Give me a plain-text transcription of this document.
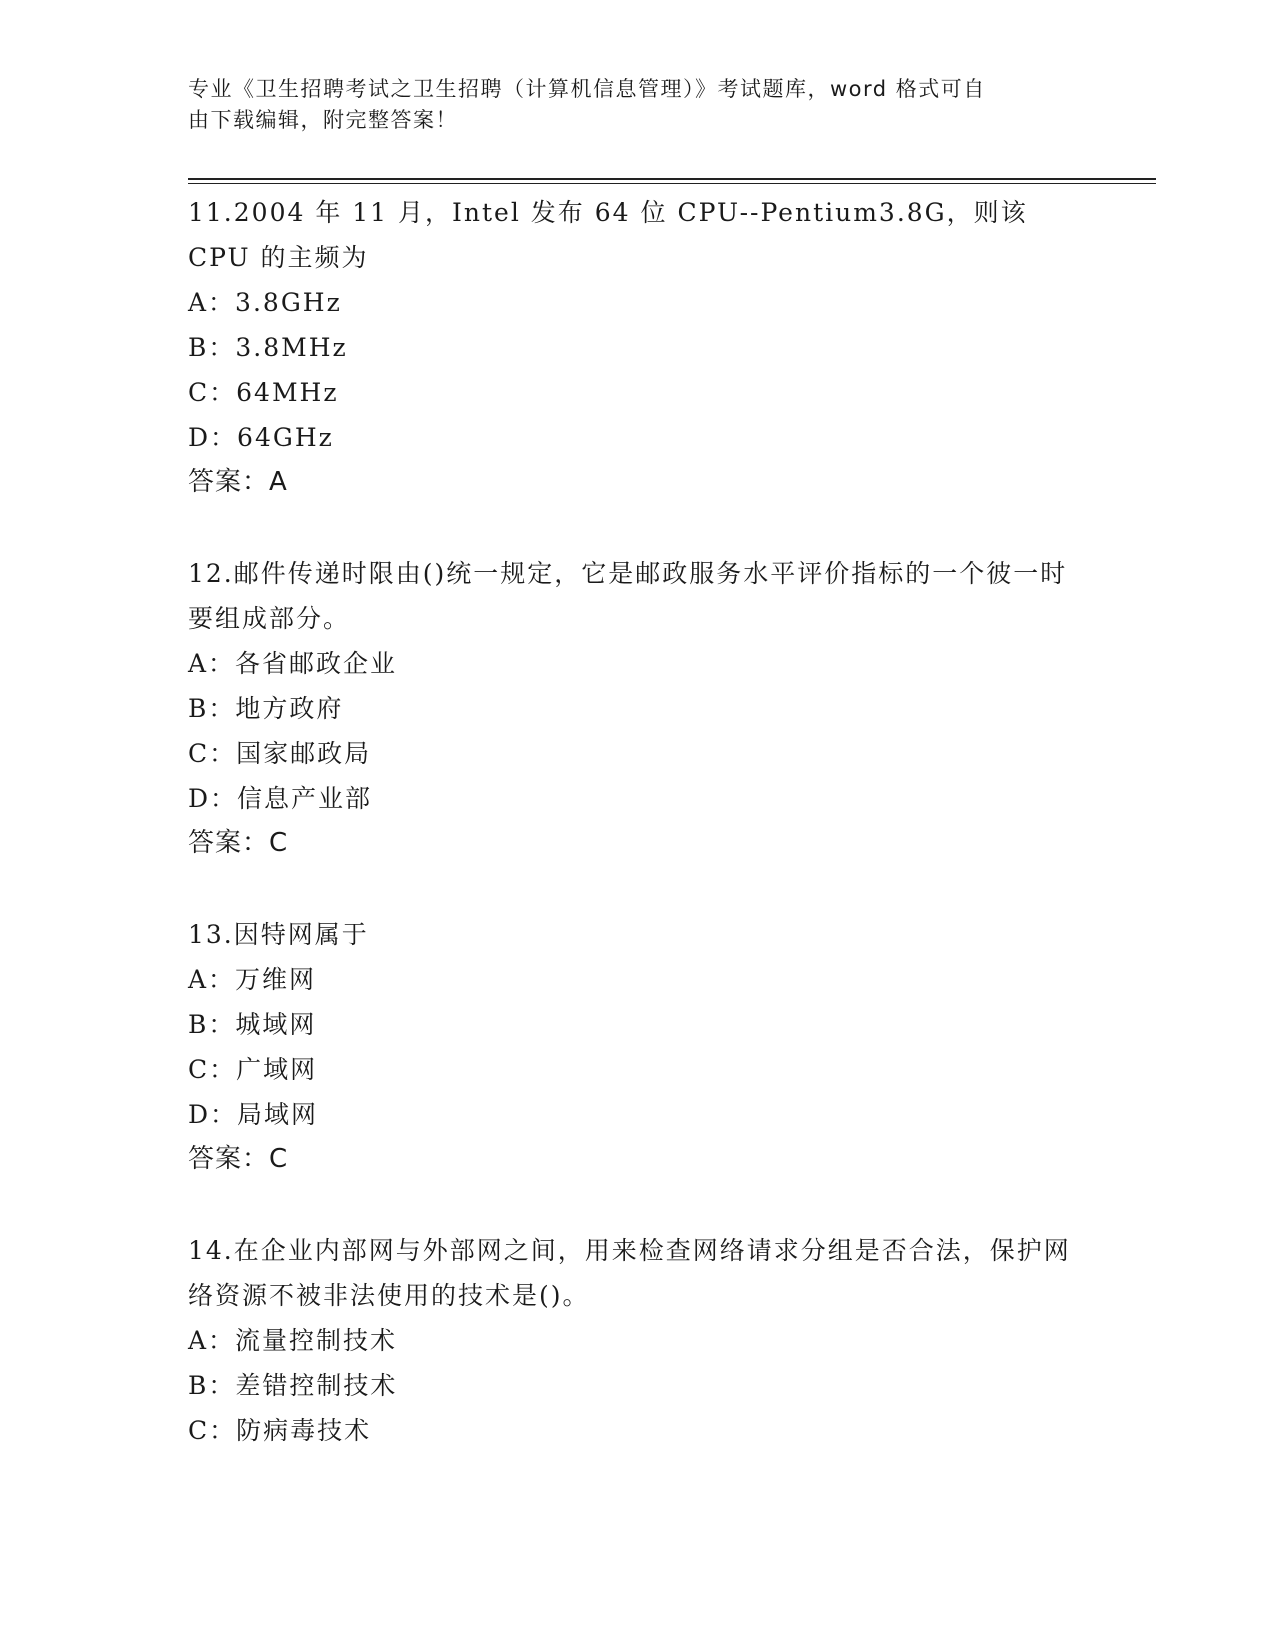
专业《卫生招聘考试之卫生招聘（计算机信息管理）》考试题库，word 格式可自
由下载编辑，附完整答案！
11.2004 年 11 月，Intel 发布 64 位 CPU--Pentium3.8G，则该 CPU 的主频为
A：3.8GHz
B：3.8MHz
C：64MHz
D：64GHz
答案：A
12.邮件传递时限由()统一规定，它是邮政服务水平评价指标的一个彼一时要组成部分。
A：各省邮政企业
B：地方政府
C：国家邮政局
D：信息产业部
答案：C
13.因特网属于
A：万维网
B：城域网
C：广域网
D：局域网
答案：C
14.在企业内部网与外部网之间，用来检查网络请求分组是否合法，保护网络资源不被非法使用的技术是()。
A：流量控制技术
B：差错控制技术
C：防病毒技术
